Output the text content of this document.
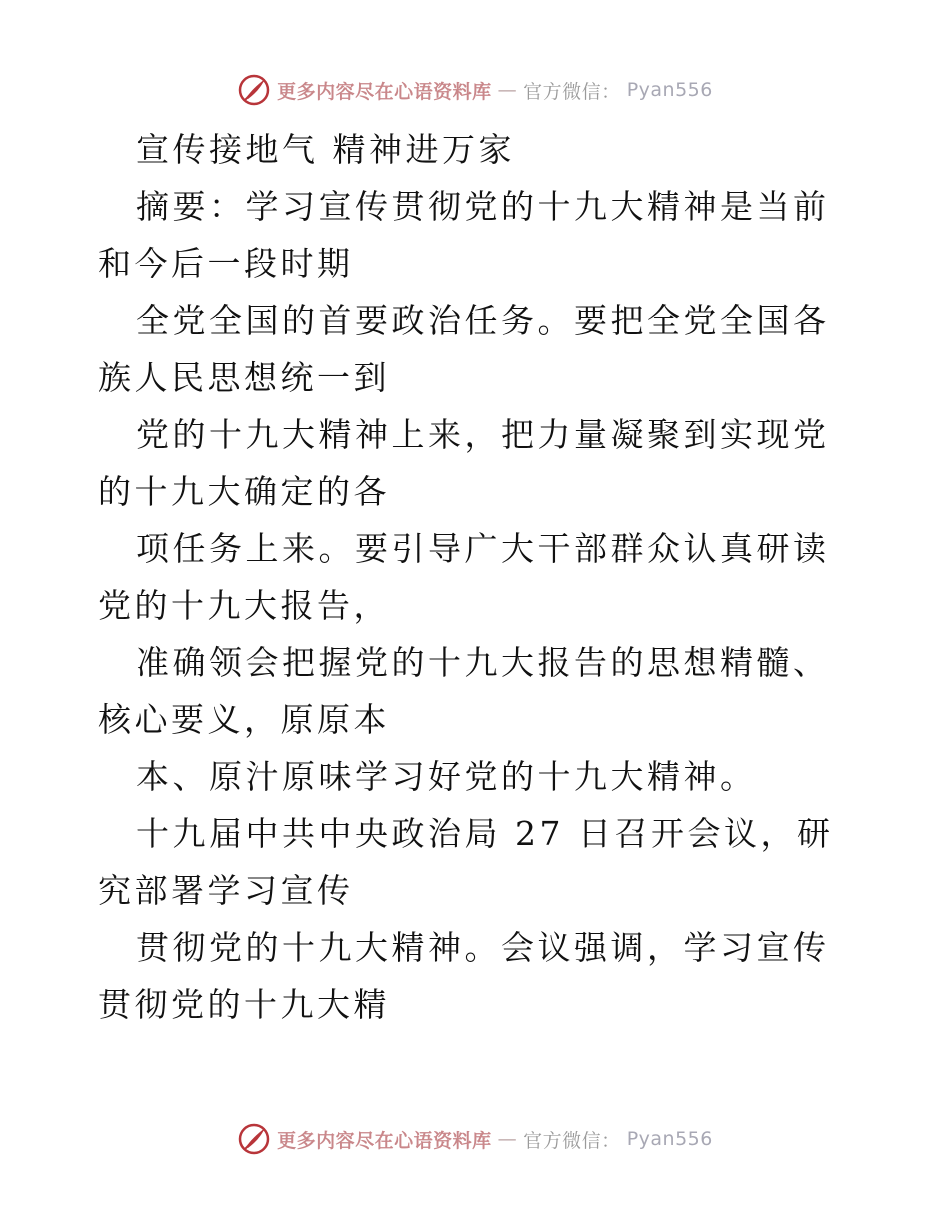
更多内容尽在心语资料库 — 官方微信： Pyan556

宣传接地气 精神进万家

摘要：学习宣传贯彻党的十九大精神是当前和今后一段时期

全党全国的首要政治任务。要把全党全国各族人民思想统一到

党的十九大精神上来，把力量凝聚到实现党的十九大确定的各

项任务上来。要引导广大干部群众认真研读党的十九大报告，

准确领会把握党的十九大报告的思想精髓、核心要义，原原本

本、原汁原味学习好党的十九大精神。

十九届中共中央政治局 27 日召开会议，研究部署学习宣传

贯彻党的十九大精神。会议强调，学习宣传贯彻党的十九大精

更多内容尽在心语资料库 — 官方微信： Pyan556
